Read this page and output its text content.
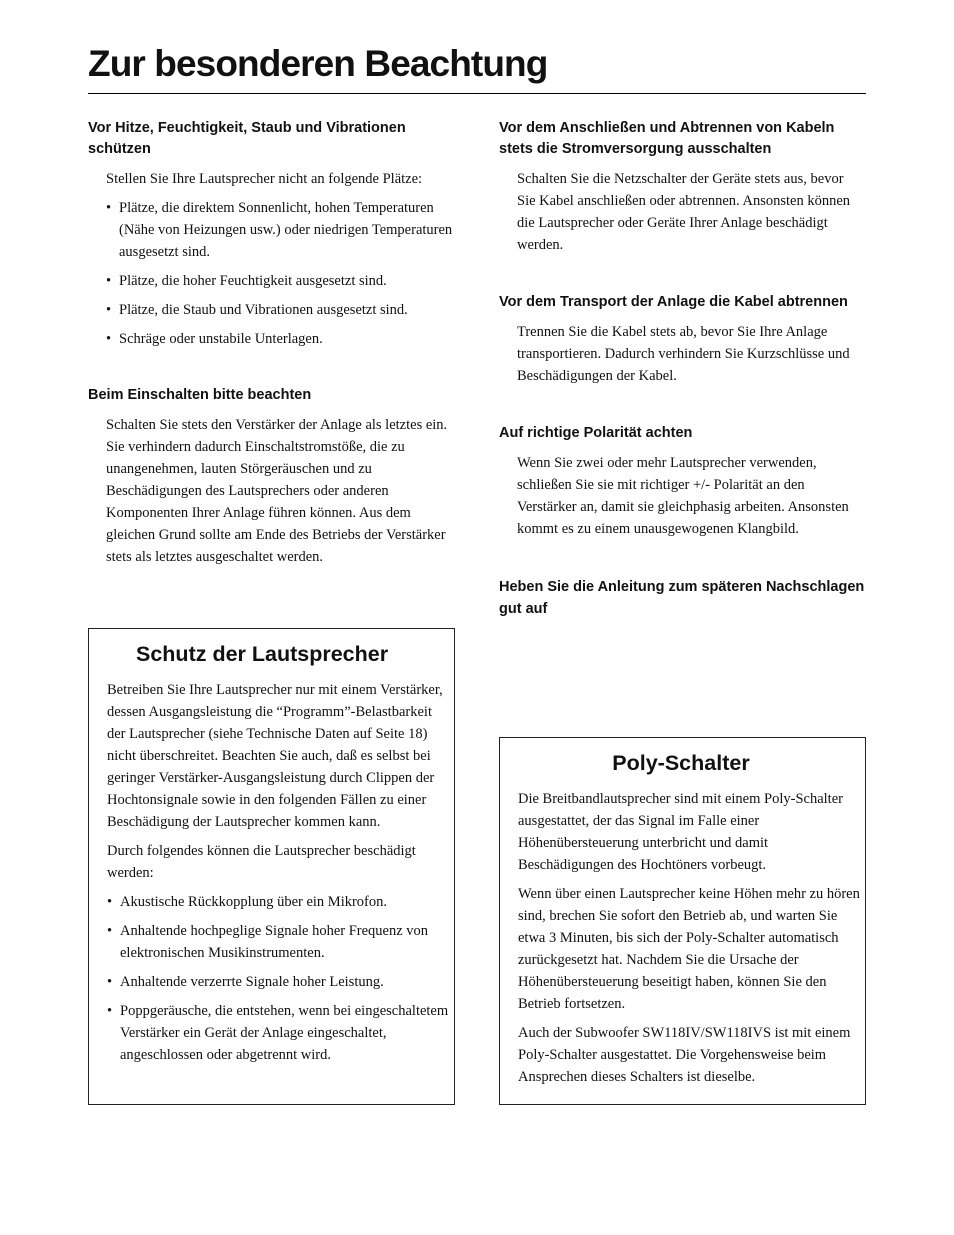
Zur besonderen Beachtung

Vor Hitze, Feuchtigkeit, Staub und Vibrationen schützen

Stellen Sie Ihre Lautsprecher nicht an folgende Plätze:

• Plätze, die direktem Sonnenlicht, hohen Temperaturen (Nähe von Heizungen usw.) oder niedrigen Temperaturen ausgesetzt sind.
• Plätze, die hoher Feuchtigkeit ausgesetzt sind.
• Plätze, die Staub und Vibrationen ausgesetzt sind.
• Schräge oder unstabile Unterlagen.

Beim Einschalten bitte beachten

Schalten Sie stets den Verstärker der Anlage als letztes ein. Sie verhindern dadurch Einschaltstromstöße, die zu unangenehmen, lauten Störgeräuschen und zu Beschädigungen des Lautsprechers oder anderen Komponenten Ihrer Anlage führen können. Aus dem gleichen Grund sollte am Ende des Betriebs der Verstärker stets als letztes ausgeschaltet werden.

Schutz der Lautsprecher

Betreiben Sie Ihre Lautsprecher nur mit einem Verstärker, dessen Ausgangsleistung die “Programm”-Belastbarkeit der Lautsprecher (siehe Technische Daten auf Seite 18) nicht überschreitet. Beachten Sie auch, daß es selbst bei geringer Verstärker-Ausgangsleistung durch Clippen der Hochtonsignale sowie in den folgenden Fällen zu einer Beschädigung der Lautsprecher kommen kann.

Durch folgendes können die Lautsprecher beschädigt werden:

• Akustische Rückkopplung über ein Mikrofon.
• Anhaltende hochpeglige Signale hoher Frequenz von elektronischen Musikinstrumenten.
• Anhaltende verzerrte Signale hoher Leistung.
• Poppgeräusche, die entstehen, wenn bei eingeschaltetem Verstärker ein Gerät der Anlage eingeschaltet, angeschlossen oder abgetrennt wird.

Vor dem Anschließen und Abtrennen von Kabeln stets die Stromversorgung ausschalten

Schalten Sie die Netzschalter der Geräte stets aus, bevor Sie Kabel anschließen oder abtrennen. Ansonsten können die Lautsprecher oder Geräte Ihrer Anlage beschädigt werden.

Vor dem Transport der Anlage die Kabel abtrennen

Trennen Sie die Kabel stets ab, bevor Sie Ihre Anlage transportieren. Dadurch verhindern Sie Kurzschlüsse und Beschädigungen der Kabel.

Auf richtige Polarität achten

Wenn Sie zwei oder mehr Lautsprecher verwenden, schließen Sie sie mit richtiger +/- Polarität an den Verstärker an, damit sie gleichphasig arbeiten. Ansonsten kommt es zu einem unausgewogenen Klangbild.

Heben Sie die Anleitung zum späteren Nachschlagen gut auf

Poly-Schalter

Die Breitbandlautsprecher sind mit einem Poly-Schalter ausgestattet, der das Signal im Falle einer Höhenübersteuerung unterbricht und damit Beschädigungen des Hochtöners vorbeugt.

Wenn über einen Lautsprecher keine Höhen mehr zu hören sind, brechen Sie sofort den Betrieb ab, und warten Sie etwa 3 Minuten, bis sich der Poly-Schalter automatisch zurückgesetzt hat. Nachdem Sie die Ursache der Höhenübersteuerung beseitigt haben, können Sie den Betrieb fortsetzen.

Auch der Subwoofer SW118IV/SW118IVS ist mit einem Poly-Schalter ausgestattet. Die Vorgehensweise beim Ansprechen dieses Schalters ist dieselbe.
